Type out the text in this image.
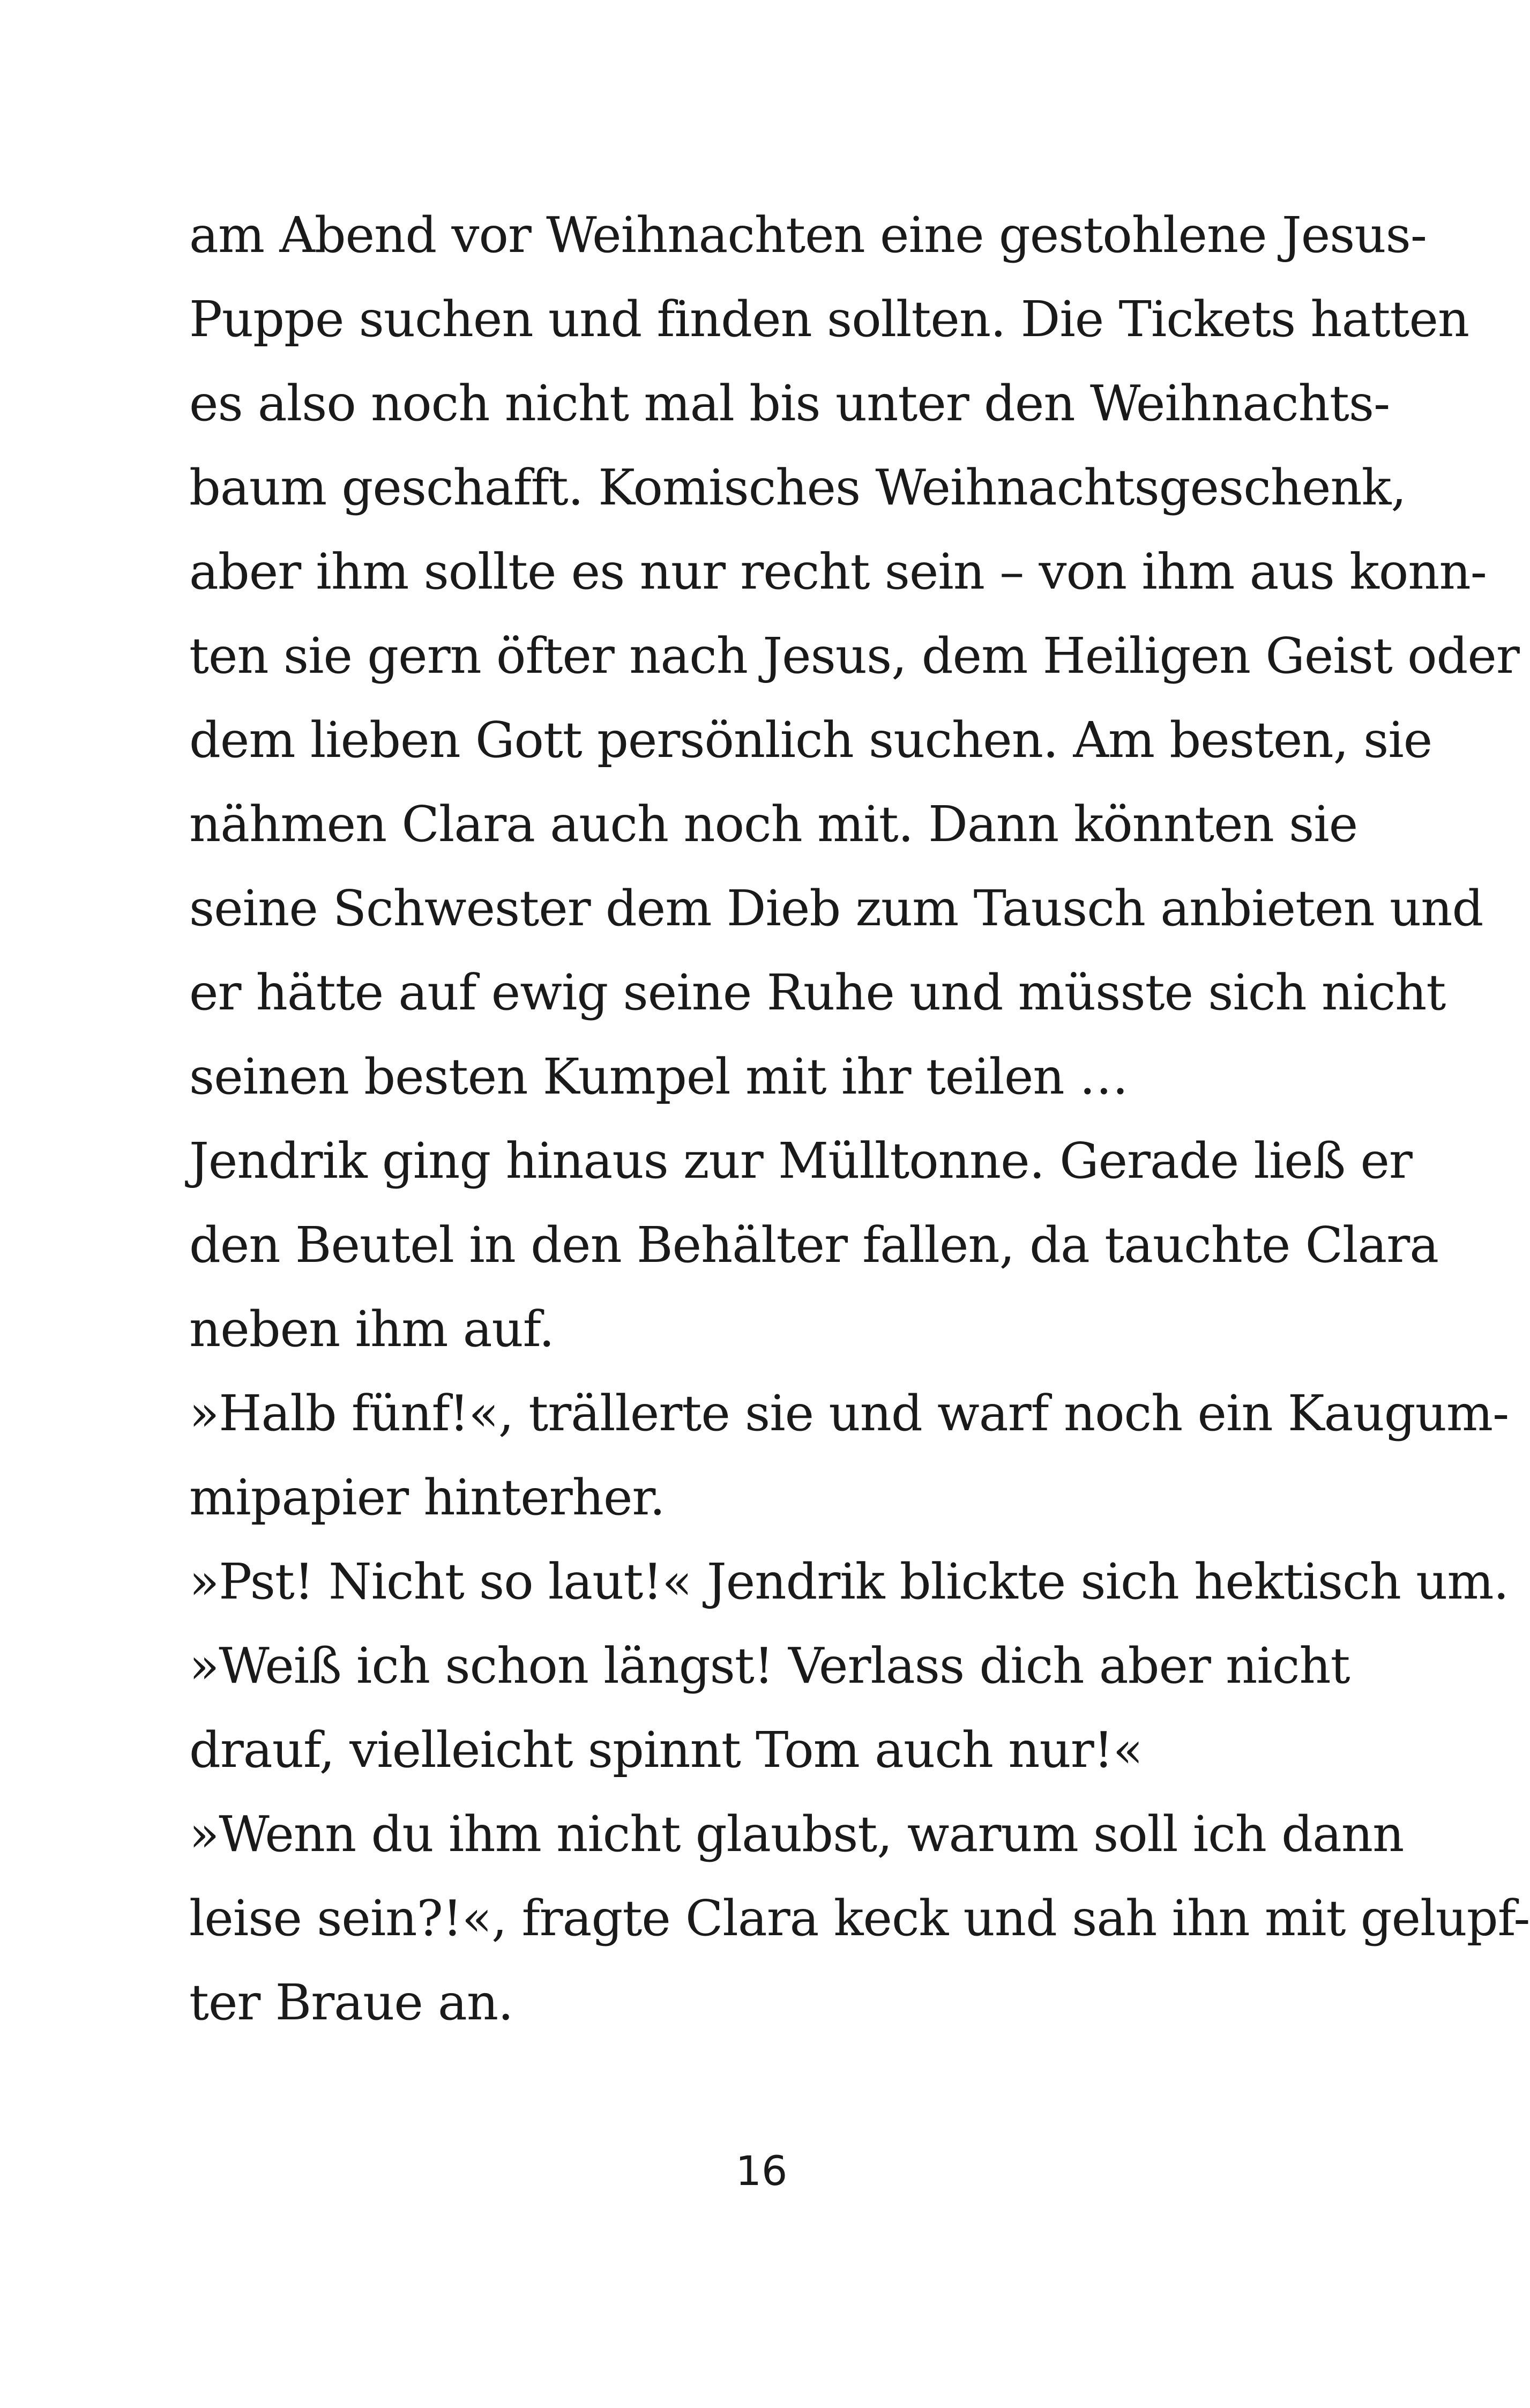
am Abend vor Weihnachten eine gestohlene Jesus-
Puppe suchen und finden sollten. Die Tickets hatten
es also noch nicht mal bis unter den Weihnachts-
baum geschafft. Komisches Weihnachtsgeschenk,
aber ihm sollte es nur recht sein – von ihm aus konn-
ten sie gern öfter nach Jesus, dem Heiligen Geist oder
dem lieben Gott persönlich suchen. Am besten, sie
nähmen Clara auch noch mit. Dann könnten sie
seine Schwester dem Dieb zum Tausch anbieten und
er hätte auf ewig seine Ruhe und müsste sich nicht
seinen besten Kumpel mit ihr teilen …
Jendrik ging hinaus zur Mülltonne. Gerade ließ er
den Beutel in den Behälter fallen, da tauchte Clara
neben ihm auf.
»Halb fünf!«, trällerte sie und warf noch ein Kaugum-
mipapier hinterher.
»Pst! Nicht so laut!« Jendrik blickte sich hektisch um.
»Weiß ich schon längst! Verlass dich aber nicht
drauf, vielleicht spinnt Tom auch nur!«
»Wenn du ihm nicht glaubst, warum soll ich dann
leise sein?!«, fragte Clara keck und sah ihn mit gelupf-
ter Braue an.
16
